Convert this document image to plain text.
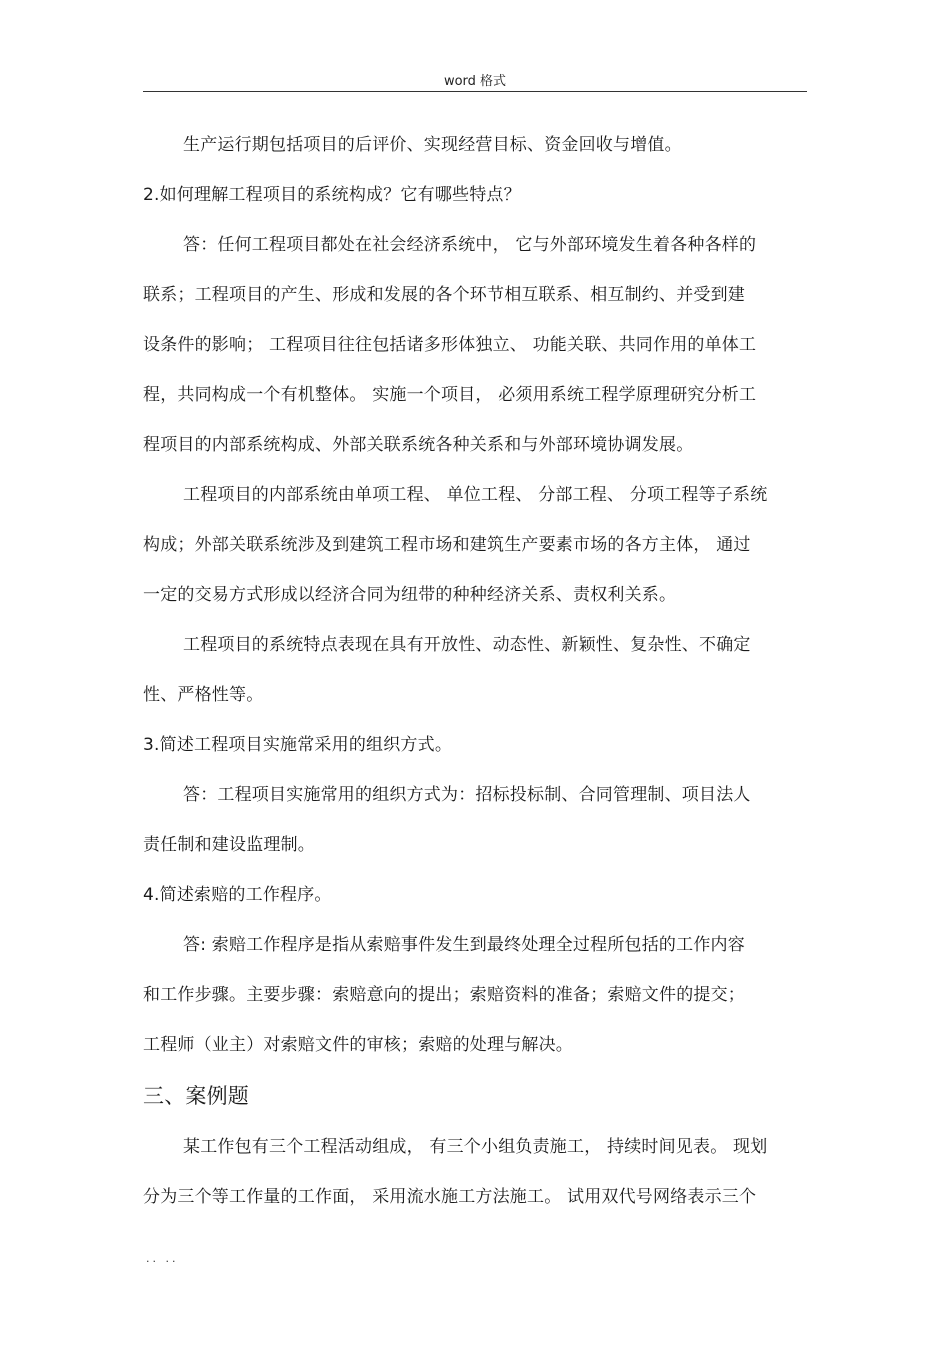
word 格式
生产运行期包括项目的后评价、实现经营目标、资金回收与增值。
2.如何理解工程项目的系统构成？它有哪些特点？
答：任何工程项目都处在社会经济系统中， 它与外部环境发生着各种各样的
联系；工程项目的产生、形成和发展的各个环节相互联系、相互制约、并受到建
设条件的影响； 工程项目往往包括诸多形体独立、 功能关联、共同作用的单体工
程，共同构成一个有机整体。 实施一个项目， 必须用系统工程学原理研究分析工
程项目的内部系统构成、外部关联系统各种关系和与外部环境协调发展。
工程项目的内部系统由单项工程、 单位工程、 分部工程、 分项工程等子系统
构成；外部关联系统涉及到建筑工程市场和建筑生产要素市场的各方主体， 通过
一定的交易方式形成以经济合同为纽带的种种经济关系、责权利关系。
工程项目的系统特点表现在具有开放性、动态性、新颖性、复杂性、不确定
性、严格性等。
3.简述工程项目实施常采用的组织方式。
答：工程项目实施常用的组织方式为：招标投标制、合同管理制、项目法人
责任制和建设监理制。
4.简述索赔的工作程序。
答: 索赔工作程序是指从索赔事件发生到最终处理全过程所包括的工作内容
和工作步骤。主要步骤：索赔意向的提出；索赔资料的准备；索赔文件的提交；
工程师（业主）对索赔文件的审核；索赔的处理与解决。
三、案例题
某工作包有三个工程活动组成， 有三个小组负责施工， 持续时间见表。 现划
分为三个等工作量的工作面， 采用流水施工方法施工。 试用双代号网络表示三个
.. ..
